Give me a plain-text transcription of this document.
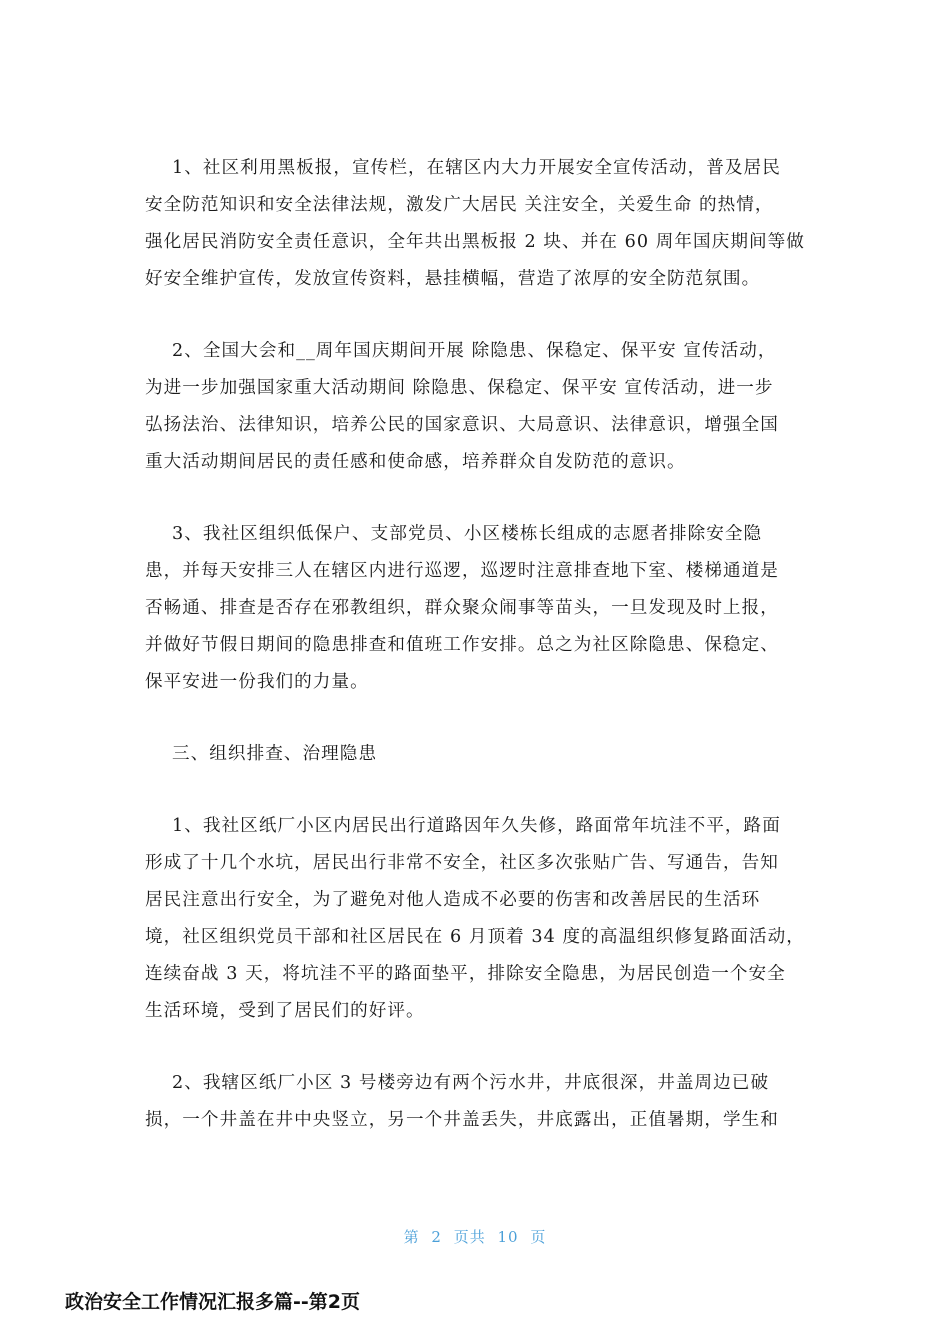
1、社区利用黑板报，宣传栏，在辖区内大力开展安全宣传活动，普及居民
安全防范知识和安全法律法规，激发广大居民 关注安全，关爱生命 的热情，
强化居民消防安全责任意识，全年共出黑板报 2 块、并在 60 周年国庆期间等做
好安全维护宣传，发放宣传资料，悬挂横幅，营造了浓厚的安全防范氛围。
2、全国大会和__周年国庆期间开展 除隐患、保稳定、保平安 宣传活动，
为进一步加强国家重大活动期间 除隐患、保稳定、保平安 宣传活动，进一步
弘扬法治、法律知识，培养公民的国家意识、大局意识、法律意识，增强全国
重大活动期间居民的责任感和使命感，培养群众自发防范的意识。
3、我社区组织低保户、支部党员、小区楼栋长组成的志愿者排除安全隐
患，并每天安排三人在辖区内进行巡逻，巡逻时注意排查地下室、楼梯通道是
否畅通、排查是否存在邪教组织，群众聚众闹事等苗头，一旦发现及时上报，
并做好节假日期间的隐患排查和值班工作安排。总之为社区除隐患、保稳定、
保平安进一份我们的力量。
三、组织排查、治理隐患
1、我社区纸厂小区内居民出行道路因年久失修，路面常年坑洼不平，路面
形成了十几个水坑，居民出行非常不安全，社区多次张贴广告、写通告，告知
居民注意出行安全，为了避免对他人造成不必要的伤害和改善居民的生活环
境，社区组织党员干部和社区居民在 6 月顶着 34 度的高温组织修复路面活动，
连续奋战 3 天，将坑洼不平的路面垫平，排除安全隐患，为居民创造一个安全
生活环境，受到了居民们的好评。
2、我辖区纸厂小区 3 号楼旁边有两个污水井，井底很深，井盖周边已破
损，一个井盖在井中央竖立，另一个井盖丢失，井底露出，正值暑期，学生和
第 2 页共 10 页
政治安全工作情况汇报多篇--第2页
